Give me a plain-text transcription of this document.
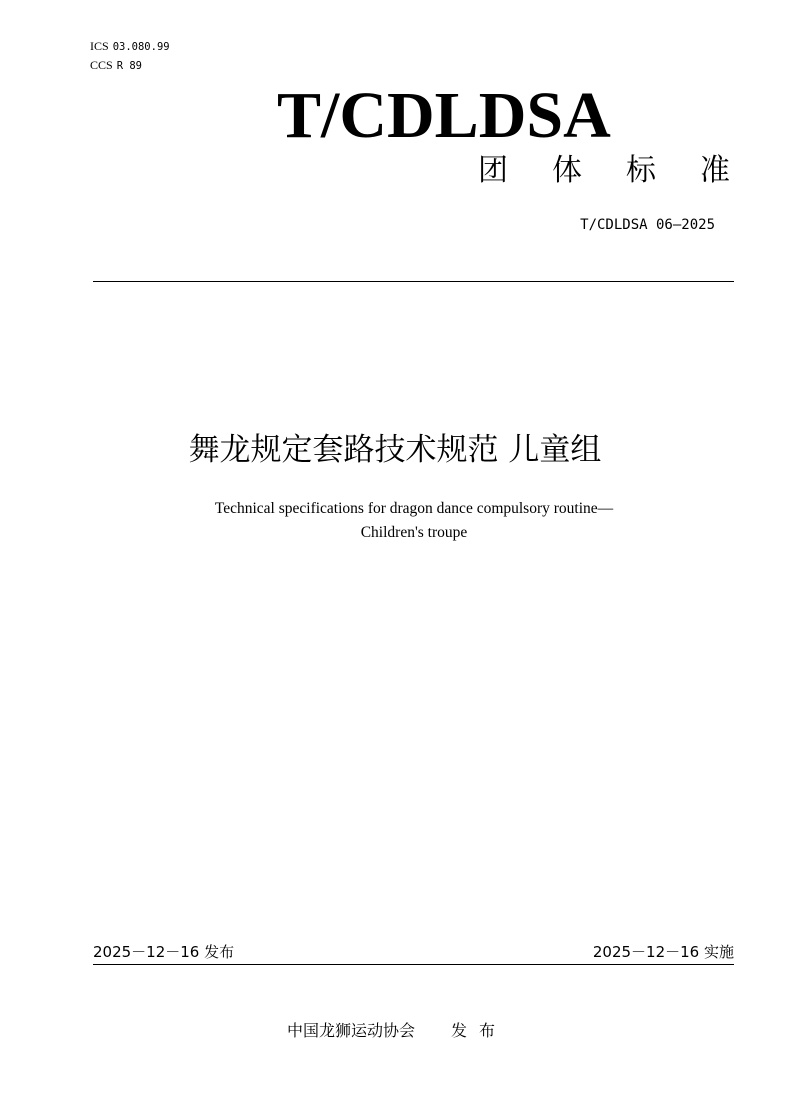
ICS 03.080.99
CCS R 89
T/CDLDSA
团 体 标 准
T/CDLDSA 06—2025
舞龙规定套路技术规范 儿童组
Technical specifications for dragon dance compulsory routine—
Children's troupe
2025－12－16 发布	2025－12－16 实施
中国龙狮运动协会 发布
